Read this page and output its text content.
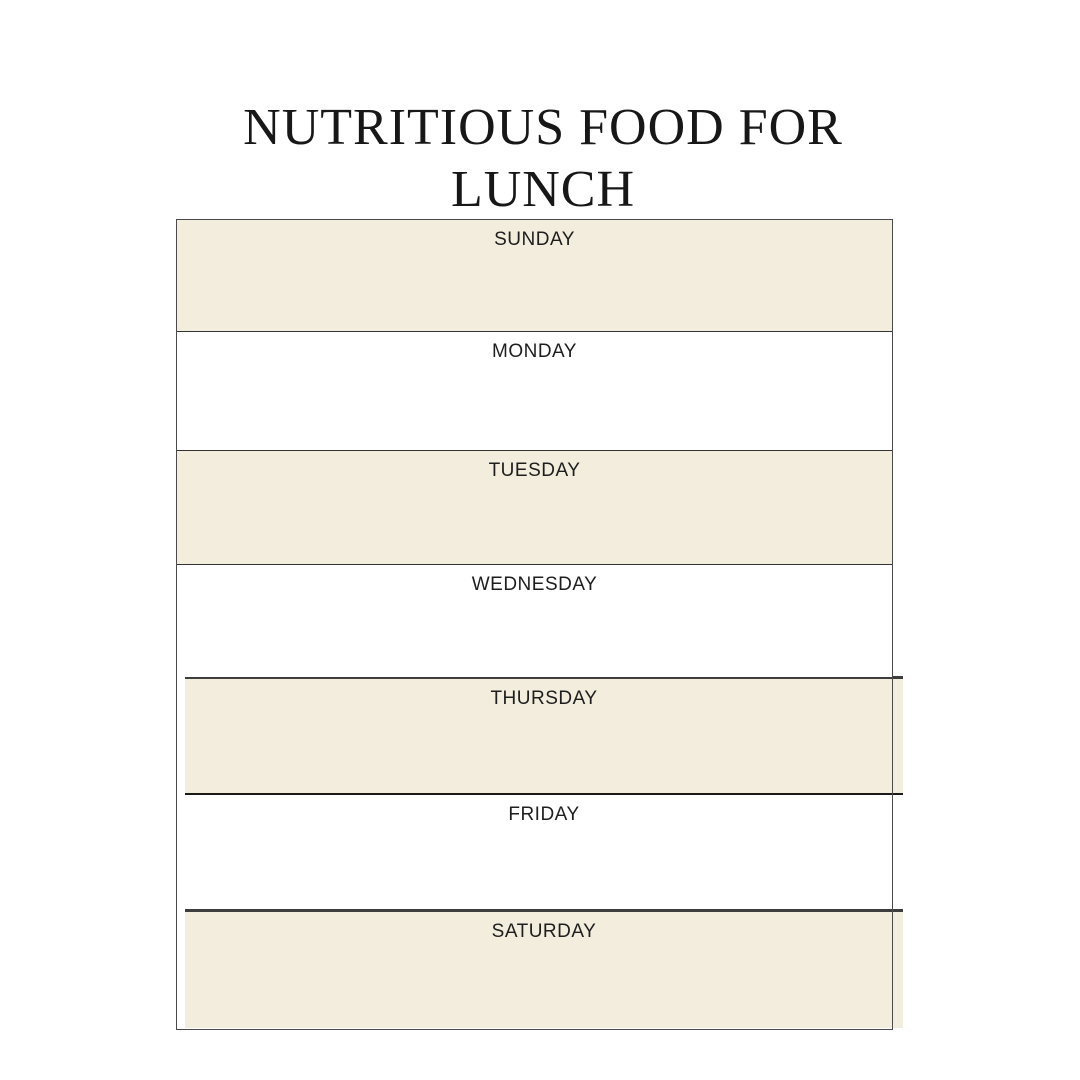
NUTRITIOUS FOOD FOR LUNCH
SUNDAY
MONDAY
TUESDAY
WEDNESDAY
THURSDAY
FRIDAY
SATURDAY
